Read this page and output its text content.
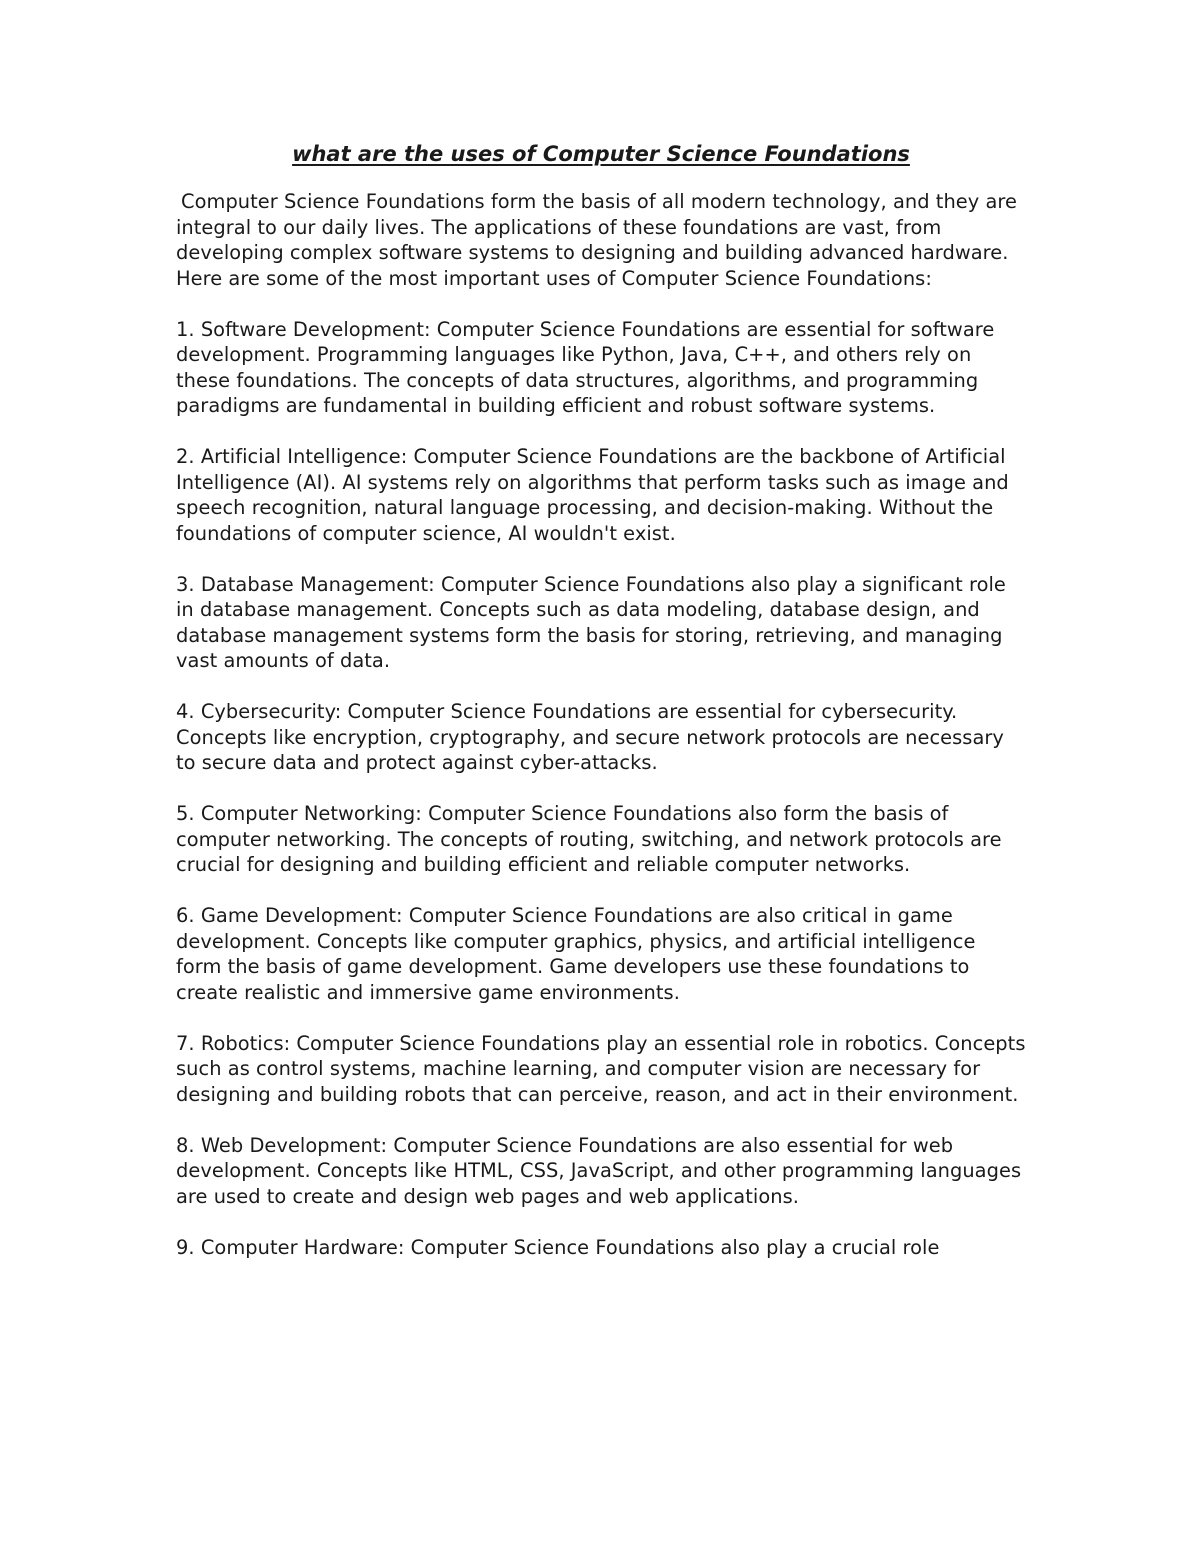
what are the uses of Computer Science Foundations

Computer Science Foundations form the basis of all modern technology, and they are integral to our daily lives. The applications of these foundations are vast, from developing complex software systems to designing and building advanced hardware. Here are some of the most important uses of Computer Science Foundations:

1. Software Development: Computer Science Foundations are essential for software development. Programming languages like Python, Java, C++, and others rely on these foundations. The concepts of data structures, algorithms, and programming paradigms are fundamental in building efficient and robust software systems.

2. Artificial Intelligence: Computer Science Foundations are the backbone of Artificial Intelligence (AI). AI systems rely on algorithms that perform tasks such as image and speech recognition, natural language processing, and decision-making. Without the foundations of computer science, AI wouldn't exist.

3. Database Management: Computer Science Foundations also play a significant role in database management. Concepts such as data modeling, database design, and database management systems form the basis for storing, retrieving, and managing vast amounts of data.

4. Cybersecurity: Computer Science Foundations are essential for cybersecurity. Concepts like encryption, cryptography, and secure network protocols are necessary to secure data and protect against cyber-attacks.

5. Computer Networking: Computer Science Foundations also form the basis of computer networking. The concepts of routing, switching, and network protocols are crucial for designing and building efficient and reliable computer networks.

6. Game Development: Computer Science Foundations are also critical in game development. Concepts like computer graphics, physics, and artificial intelligence form the basis of game development. Game developers use these foundations to create realistic and immersive game environments.

7. Robotics: Computer Science Foundations play an essential role in robotics. Concepts such as control systems, machine learning, and computer vision are necessary for designing and building robots that can perceive, reason, and act in their environment.

8. Web Development: Computer Science Foundations are also essential for web development. Concepts like HTML, CSS, JavaScript, and other programming languages are used to create and design web pages and web applications.

9. Computer Hardware: Computer Science Foundations also play a crucial role
